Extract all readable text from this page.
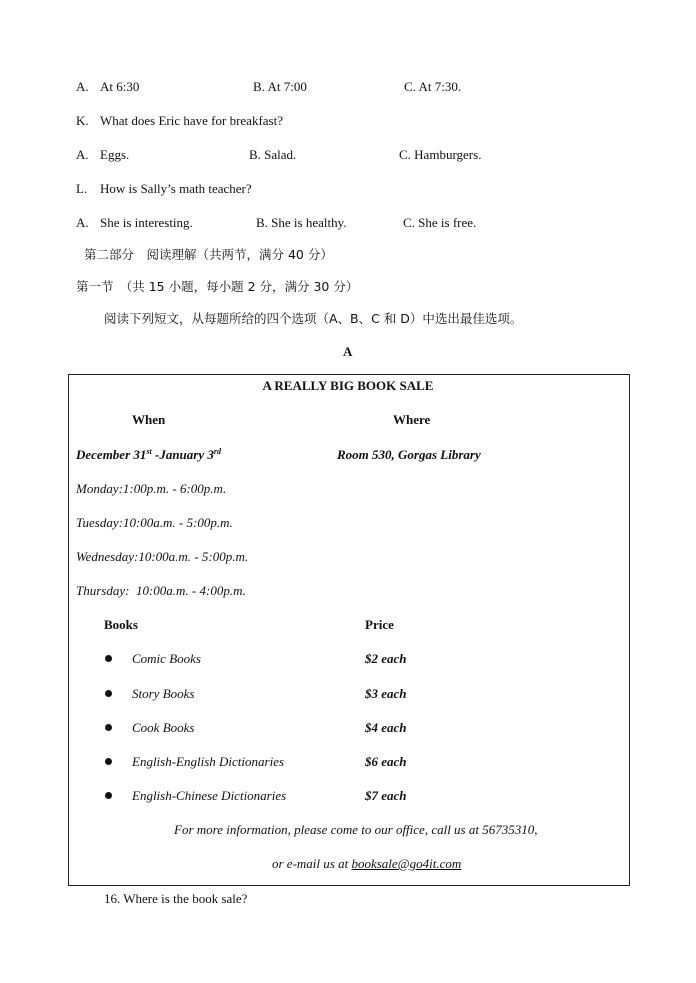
A. At 6:30	B. At 7:00	C. At 7:30.
K. What does Eric have for breakfast?
A. Eggs.	B. Salad.	C. Hamburgers.
L. How is Sally’s math teacher?
A. She is interesting.	B. She is healthy.	C. She is free.
第二部分　阅读理解（共两节，满分 40 分）
第一节　（共 15 小题，每小题 2 分，满分 30 分）
阅读下列短文，从每题所给的四个选项（A、B、C 和 D）中选出最佳选项。
A
A REALLY BIG BOOK SALE
When	Where
December 31st -January 3rd	Room 530, Gorgas Library
Monday:1:00p.m. - 6:00p.m.
Tuesday:10:00a.m. - 5:00p.m.
Wednesday:10:00a.m. - 5:00p.m.
Thursday:  10:00a.m. - 4:00p.m.
Books	Price
Comic Books	$2 each
Story Books	$3 each
Cook Books	$4 each
English-English Dictionaries	$6 each
English-Chinese Dictionaries	$7 each
For more information, please come to our office, call us at 56735310,
or e-mail us at booksale@go4it.com
16. Where is the book sale?
